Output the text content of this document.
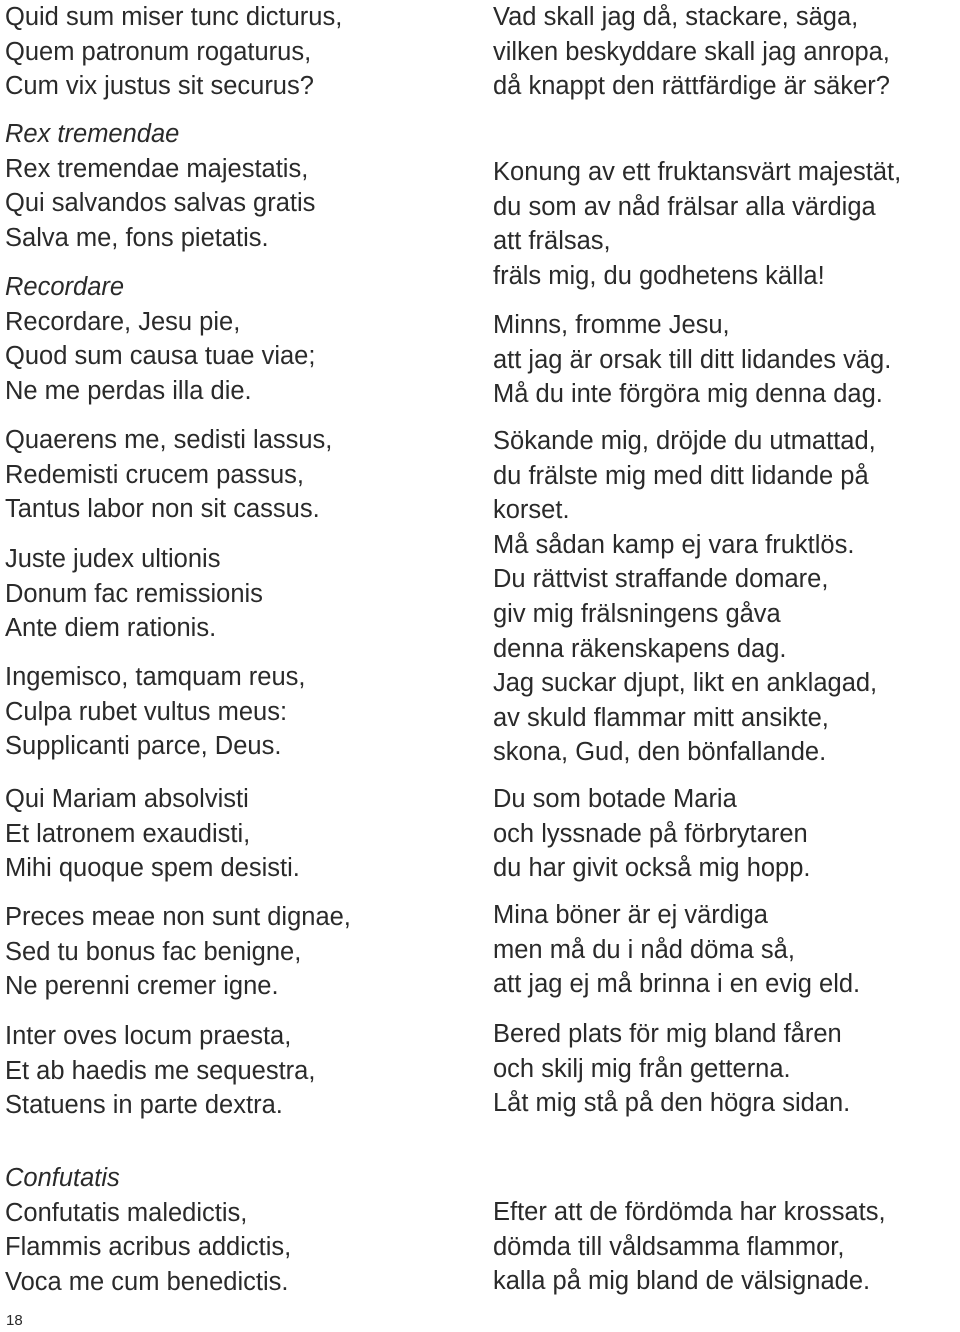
Quid sum miser tunc dicturus,
Quem patronum rogaturus,
Cum vix justus sit securus?
Rex tremendae
Rex tremendae majestatis,
Qui salvandos salvas gratis
Salva me, fons pietatis.
Recordare
Recordare, Jesu pie,
Quod sum causa tuae viae;
Ne me perdas illa die.
Quaerens me, sedisti lassus,
Redemisti crucem passus,
Tantus labor non sit cassus.
Juste judex ultionis
Donum fac remissionis
Ante diem rationis.
Ingemisco, tamquam reus,
Culpa rubet vultus meus:
Supplicanti parce, Deus.
Qui Mariam absolvisti
Et latronem exaudisti,
Mihi quoque spem desisti.
Preces meae non sunt dignae,
Sed tu bonus fac benigne,
Ne perenni cremer igne.
Inter oves locum praesta,
Et ab haedis me sequestra,
Statuens in parte dextra.
Confutatis
Confutatis maledictis,
Flammis acribus addictis,
Voca me cum benedictis.
Vad skall jag då, stackare, säga,
vilken beskyddare skall jag anropa,
då knappt den rättfärdige är säker?
Konung av ett fruktansvärt majestät,
du som av nåd frälsar alla värdiga
att frälsas,
fräls mig, du godhetens källa!
Minns, fromme Jesu,
att jag är orsak till ditt lidandes väg.
Må du inte förgöra mig denna dag.
Sökande mig, dröjde du utmattad,
du frälste mig med ditt lidande på
korset.
Må sådan kamp ej vara fruktlös.
Du rättvist straffande domare,
giv mig frälsningens gåva
denna räkenskapens dag.
Jag suckar djupt, likt en anklagad,
av skuld flammar mitt ansikte,
skona, Gud, den bönfallande.
Du som botade Maria
och lyssnade på förbrytaren
du har givit också mig hopp.
Mina böner är ej värdiga
men må du i nåd döma så,
att jag ej må brinna i en evig eld.
Bered plats för mig bland fåren
och skilj mig från getterna.
Låt mig stå på den högra sidan.
Efter att de fördömda har krossats,
dömda till våldsamma flammor,
kalla på mig bland de välsignade.
18
